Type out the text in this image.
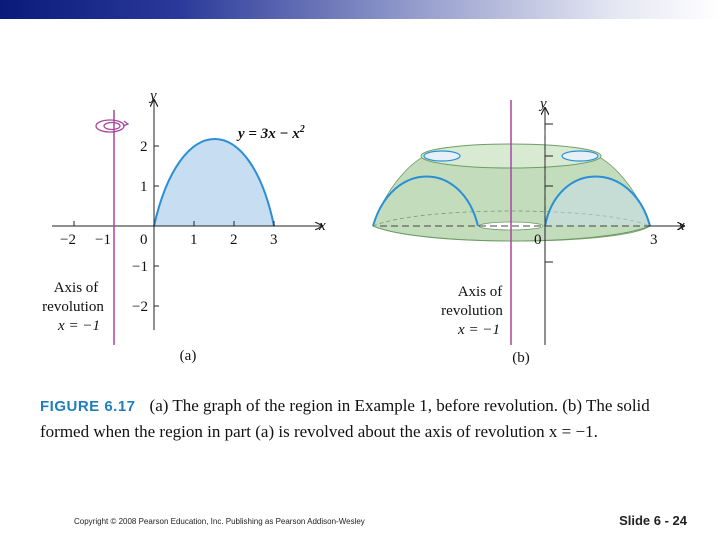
y
x
$y = 3x - x^2$
−2 −1 0	1 2 3
2
1
−1
−2
Axis of
revolution
x = −1
(a)
y
x
0	3
Axis of
revolution
x = −1
(b)
FIGURE 6.17 (a) The graph of the region in Example 1, before revolution. (b) The solid
formed when the region in part (a) is revolved about the axis of revolution x = −1.
Copyright © 2008 Pearson Education, Inc. Publishing as Pearson Addison-Wesley	Slide 6 - 24
